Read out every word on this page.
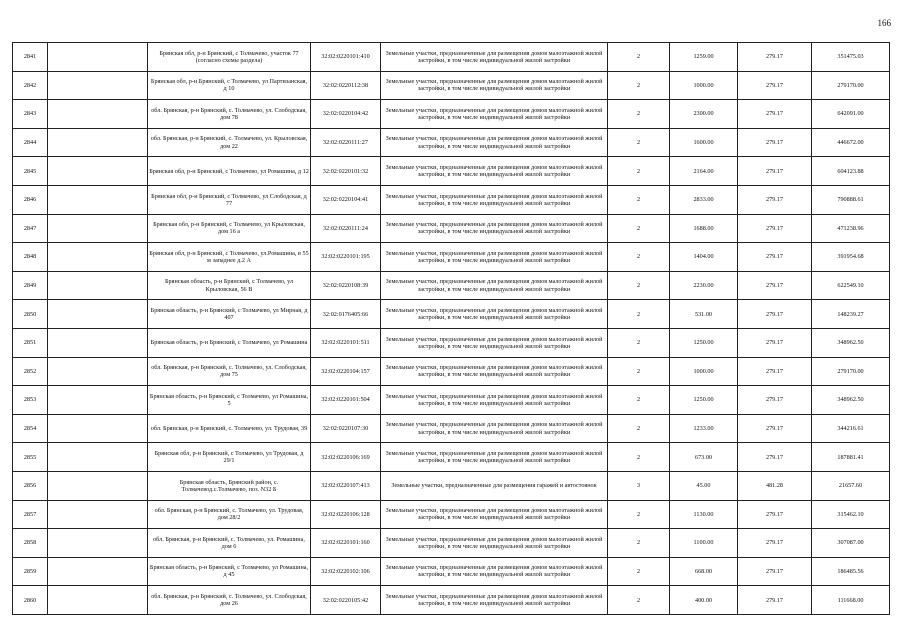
166
2841		Брянская обл, р-н Брянский, с Толмачево, участок 77 (согласно схемы раздела)	32:02:0220101:410	Земельные участки, предназначенные для размещения домов малоэтажной жилой застройки, в том числе индивидуальной жилой застройки	2	1259.00	279.17	351475.03
2842		Брянская обл, р-н Брянский, с Толмачево, ул Партизанская, д 10	32:02:0220112:38	Земельные участки, предназначенные для размещения домов малоэтажной жилой застройки, в том числе индивидуальной жилой застройки	2	1000.00	279.17	279170.00
2843		обл. Брянская, р-н Брянский, с. Толмачево, ул. Слободская, дом 78	32:02:0220104:42	Земельные участки, предназначенные для размещения домов малоэтажной жилой застройки, в том числе индивидуальной жилой застройки	2	2300.00	279.17	642091.00
2844		обл. Брянская, р-н Брянский, с. Толмачево, ул. Крыловская, дом 22	32:02:0220111:27	Земельные участки, предназначенные для размещения домов малоэтажной жилой застройки, в том числе индивидуальной жилой застройки	2	1600.00	279.17	446672.00
2845		Брянская обл, р-н Брянский, с Толмачево, ул Ромашина, д 12	32:02:0220101:32	Земельные участки, предназначенные для размещения домов малоэтажной жилой застройки, в том числе индивидуальной жилой застройки	2	2164.00	279.17	604123.88
2846		Брянская обл, р-н Брянский, с Толмачево, ул Слободская, д 77	32:02:0220104:41	Земельные участки, предназначенные для размещения домов малоэтажной жилой застройки, в том числе индивидуальной жилой застройки	2	2833.00	279.17	790888.61
2847		Брянская обл, р-н Брянский, с Толмачево, ул Крыловская, дом 16 а	32:02:0220111:24	Земельные участки, предназначенные для размещения домов малоэтажной жилой застройки, в том числе индивидуальной жилой застройки	2	1688.00	279.17	471238.96
2848		Брянская обл, р-н Брянский, с Толмачево, ул.Ромашина, в 55 м западнее д.2 А	32:02:0220101:195	Земельные участки, предназначенные для размещения домов малоэтажной жилой застройки, в том числе индивидуальной жилой застройки	2	1404.00	279.17	391954.68
2849		Брянская область, р-н Брянский, с Толмачево, ул Крыловская, 56 В	32:02:0220108:39	Земельные участки, предназначенные для размещения домов малоэтажной жилой застройки, в том числе индивидуальной жилой застройки	2	2230.00	279.17	622549.10
2850		Брянская область, р-н Брянский, с Толмачево, ул Мирная, д 407	32:02:0176405:66	Земельные участки, предназначенные для размещения домов малоэтажной жилой застройки, в том числе индивидуальной жилой застройки	2	531.00	279.17	148239.27
2851		Брянская область, р-н Брянский, с Толмачево, ул Ромашина	32:02:0220101:511	Земельные участки, предназначенные для размещения домов малоэтажной жилой застройки, в том числе индивидуальной жилой застройки	2	1250.00	279.17	348962.50
2852		обл. Брянская, р-н Брянский, с. Толмачево, ул. Слободская, дом 75	32:02:0220104:157	Земельные участки, предназначенные для размещения домов малоэтажной жилой застройки, в том числе индивидуальной жилой застройки	2	1000.00	279.17	279170.00
2853		Брянская область, р-н Брянский, с Толмачево, ул Ромашина, 5	32:02:0220101:504	Земельные участки, предназначенные для размещения домов малоэтажной жилой застройки, в том числе индивидуальной жилой застройки	2	1250.00	279.17	348962.50
2854		обл. Брянская, р-н Брянский, с. Толмачево, ул. Трудовая, 39	32:02:0220107:30	Земельные участки, предназначенные для размещения домов малоэтажной жилой застройки, в том числе индивидуальной жилой застройки	2	1233.00	279.17	344216.61
2855		Брянская обл, р-н Брянский, с Толмачево, ул Трудовая, д 29/1	32:02:0220106:169	Земельные участки, предназначенные для размещения домов малоэтажной жилой застройки, в том числе индивидуальной жилой застройки	2	673.00	279.17	187881.41
2856		Брянская область, Брянский район, с. Толмачевод.с.Толмачево, поз. N32 Б	32:02:0220107:413	Земельные участки, предназначенные для размещения гаражей и автостоянок	3	45.00	481.28	21657.60
2857		обл. Брянская, р-н Брянский, с. Толмачево, ул. Трудовая, дом 28/2	32:02:0220106:128	Земельные участки, предназначенные для размещения домов малоэтажной жилой застройки, в том числе индивидуальной жилой застройки	2	1130.00	279.17	315462.10
2858		обл. Брянская, р-н Брянский, с. Толмачево, ул. Ромашина, дом 6	32:02:0220101:160	Земельные участки, предназначенные для размещения домов малоэтажной жилой застройки, в том числе индивидуальной жилой застройки	2	1100.00	279.17	307087.00
2859		Брянская область, р-н Брянский, с Толмачево, ул Ромашина, д 45	32:02:0220102:106	Земельные участки, предназначенные для размещения домов малоэтажной жилой застройки, в том числе индивидуальной жилой застройки	2	668.00	279.17	186485.56
2860		обл. Брянская, р-н Брянский, с. Толмачево, ул. Слободская, дом 26	32:02:0220105:42	Земельные участки, предназначенные для размещения домов малоэтажной жилой застройки, в том числе индивидуальной жилой застройки	2	400.00	279.17	111668.00
